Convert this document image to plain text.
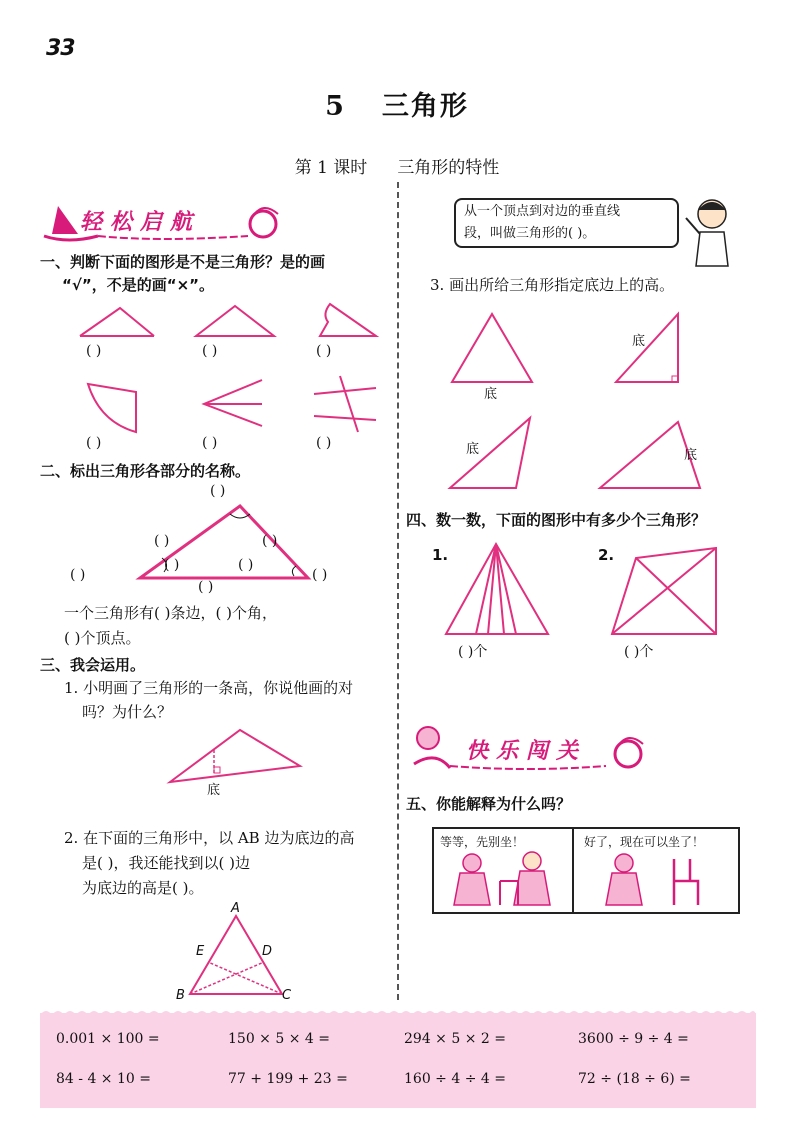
33
5 三角形
第 1 课时 三角形的特性
轻松启航
一、判断下面的图形是不是三角形？是的画
“√”，不是的画“×”。
( )	( )	( )
( )	( )	( )
二、标出三角形各部分的名称。
( )
( )	( )
( )	( )
( )	( )
( )
一个三角形有( )条边，( )个角，
( )个顶点。
三、我会运用。
1. 小明画了三角形的一条高，你说他画的对
吗？为什么？
底
2. 在下面的三角形中，以 AB 边为底边的高
是( )，我还能找到以( )边
为底边的高是( )。
A
E	D
B	C
从一个顶点到对边的垂直线
段，叫做三角形的( )。
3. 画出所给三角形指定底边上的高。
底
底
底	底
四、数一数，下面的图形中有多少个三角形？
1.	2.
( )个	( )个
快乐闯关
五、你能解释为什么吗？
等等，先别坐！	好了，现在可以坐了！
0.001 × 100 =	150 × 5 × 4 =	294 × 5 × 2 =	3600 ÷ 9 ÷ 4 =
84 - 4 × 10 =	77 + 199 + 23 =	160 ÷ 4 ÷ 4 =	72 ÷ (18 ÷ 6) =
